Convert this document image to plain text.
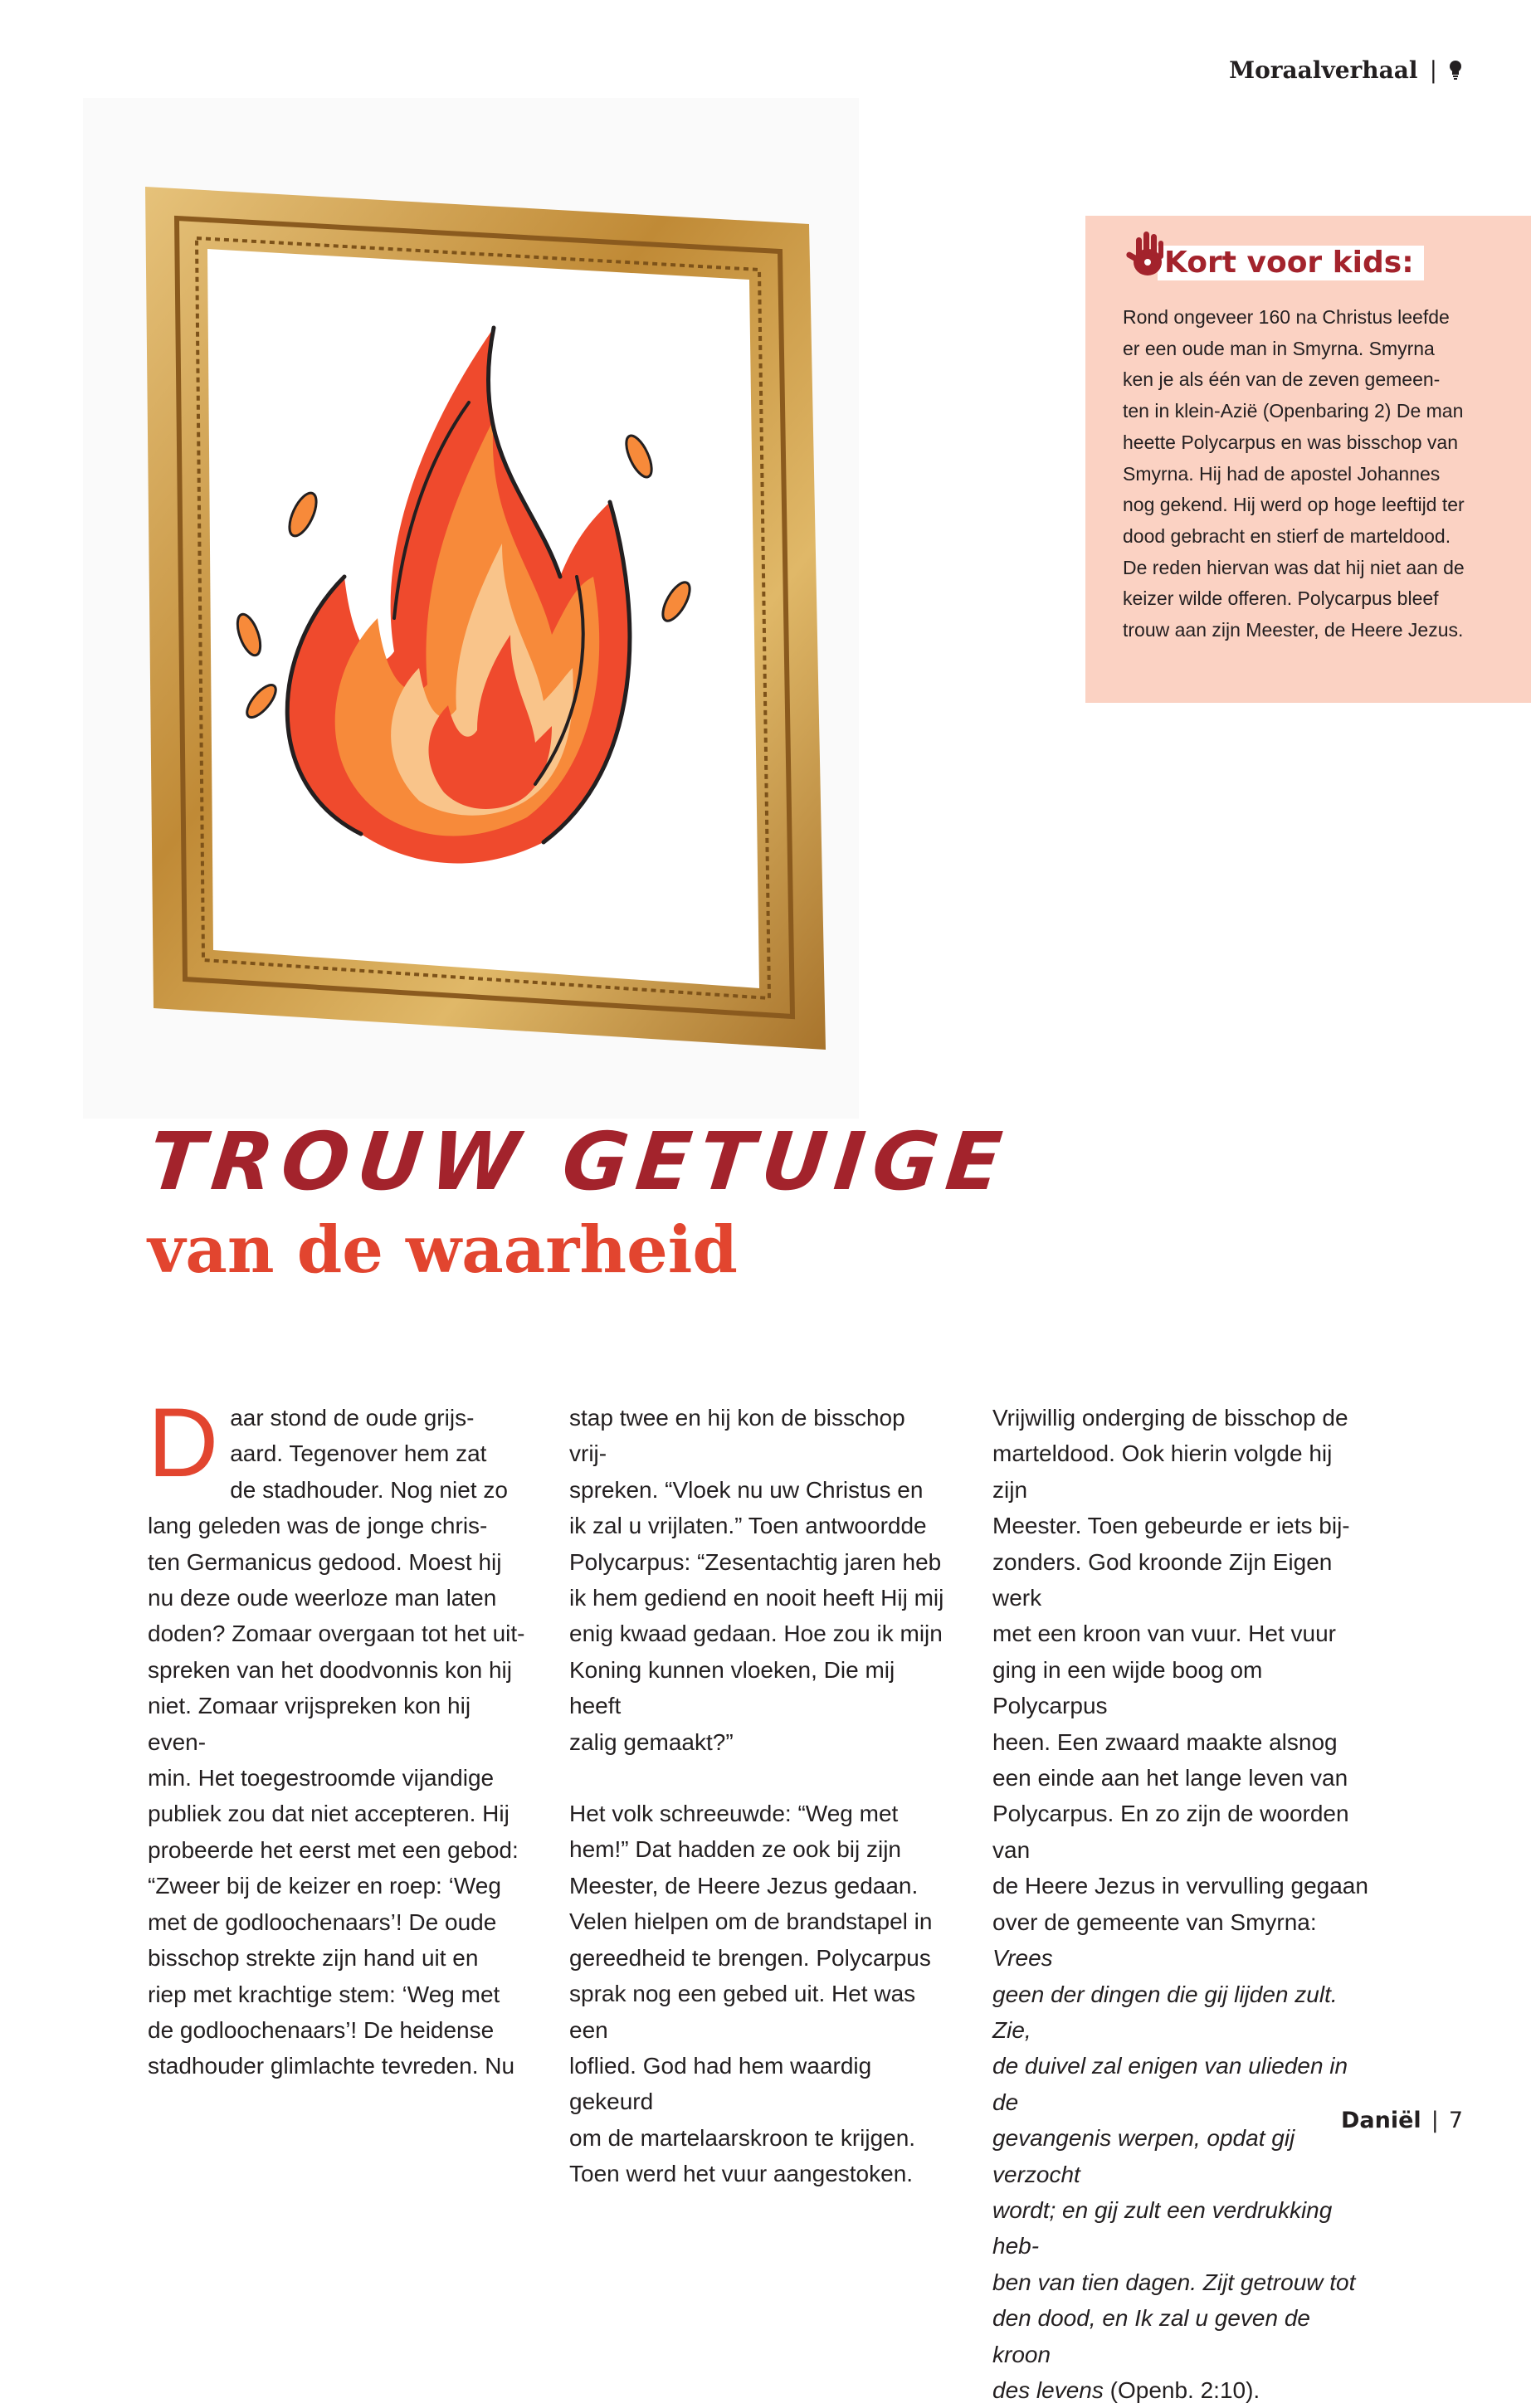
Moraalverhaal |
Kort voor kids:
Rond ongeveer 160 na Christus leefde
er een oude man in Smyrna. Smyrna
ken je als één van de zeven gemeen-
ten in klein-Azië (Openbaring 2) De man
heette Polycarpus en was bisschop van
Smyrna. Hij had de apostel Johannes
nog gekend. Hij werd op hoge leeftijd ter
dood gebracht en stierf de marteldood.
De reden hiervan was dat hij niet aan de
keizer wilde offeren. Polycarpus bleef
trouw aan zijn Meester, de Heere Jezus.
TROUW GETUIGE
van de waarheid
D aar stond de oude grijs-
aard. Tegenover hem zat
de stadhouder. Nog niet zo
lang geleden was de jonge chris-
ten Germanicus gedood. Moest hij
nu deze oude weerloze man laten
doden? Zomaar overgaan tot het uit-
spreken van het doodvonnis kon hij
niet. Zomaar vrijspreken kon hij even-
min. Het toegestroomde vijandige
publiek zou dat niet accepteren. Hij
probeerde het eerst met een gebod:
“Zweer bij de keizer en roep: ‘Weg
met de godloochenaars’! De oude
bisschop strekte zijn hand uit en
riep met krachtige stem: ‘Weg met
de godloochenaars’! De heidense
stadhouder glimlachte tevreden. Nu

stap twee en hij kon de bisschop vrij-
spreken. “Vloek nu uw Christus en
ik zal u vrijlaten.” Toen antwoordde
Polycarpus: “Zesentachtig jaren heb
ik hem gediend en nooit heeft Hij mij
enig kwaad gedaan. Hoe zou ik mijn
Koning kunnen vloeken, Die mij heeft
zalig gemaakt?”

Het volk schreeuwde: “Weg met
hem!” Dat hadden ze ook bij zijn
Meester, de Heere Jezus gedaan.
Velen hielpen om de brandstapel in
gereedheid te brengen. Polycarpus
sprak nog een gebed uit. Het was een
loflied. God had hem waardig gekeurd
om de martelaarskroon te krijgen.
Toen werd het vuur aangestoken.

Vrijwillig onderging de bisschop de
marteldood. Ook hierin volgde hij zijn
Meester. Toen gebeurde er iets bij-
zonders. God kroonde Zijn Eigen werk
met een kroon van vuur. Het vuur
ging in een wijde boog om Polycarpus
heen. Een zwaard maakte alsnog
een einde aan het lange leven van
Polycarpus. En zo zijn de woorden van
de Heere Jezus in vervulling gegaan
over de gemeente van Smyrna: Vrees
geen der dingen die gij lijden zult. Zie,
de duivel zal enigen van ulieden in de
gevangenis werpen, opdat gij verzocht
wordt; en gij zult een verdrukking heb-
ben van tien dagen. Zijt getrouw tot
den dood, en Ik zal u geven de kroon
des levens (Openb. 2:10).
Daniël | 7
